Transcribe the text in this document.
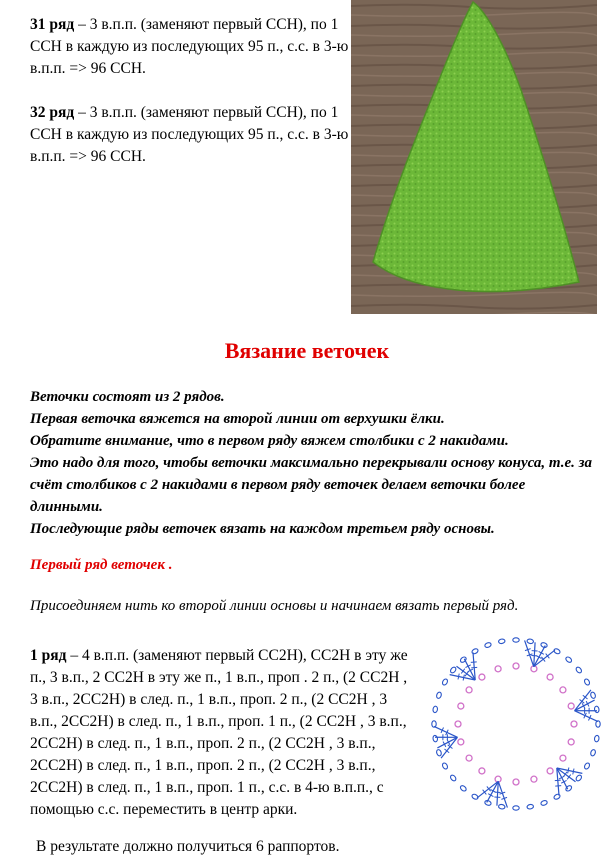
31 ряд – 3 в.п.п. (заменяют первый ССН), по 1 ССН в каждую из последующих 95 п., с.с. в 3-ю в.п.п. => 96 ССН.
32 ряд – 3 в.п.п. (заменяют первый ССН), по 1 ССН в каждую из последующих 95 п., с.с. в 3-ю в.п.п. => 96 ССН.
Вязание веточек
Веточки состоят из 2 рядов.
Первая веточка вяжется на второй линии от верхушки ёлки.
Обратите внимание, что в первом ряду вяжем столбики с 2 накидами.
Это надо для того, чтобы веточки максимально перекрывали основу конуса, т.е. за счёт столбиков с 2 накидами в первом ряду веточек делаем веточки более длинными.
Последующие ряды веточек вязать на каждом третьем ряду основы.
Первый ряд веточек .
Присоединяем нить ко второй линии основы и начинаем вязать первый ряд.
1 ряд – 4 в.п.п. (заменяют первый СС2Н), СС2Н в эту же п., 3 в.п., 2 СС2Н в эту же п., 1 в.п., проп . 2 п., (2 СС2Н , 3 в.п., 2СС2Н) в след. п., 1 в.п., проп. 2 п., (2 СС2Н , 3 в.п., 2СС2Н) в след. п., 1 в.п., проп. 1 п., (2 СС2Н , 3 в.п., 2СС2Н) в след. п., 1 в.п., проп. 2 п., (2 СС2Н , 3 в.п., 2СС2Н) в след. п., 1 в.п., проп. 2 п., (2 СС2Н , 3 в.п., 2СС2Н) в след. п., 1 в.п., проп. 1 п., с.с. в 4-ю в.п.п., с помощью с.с. переместить в центр арки.
В результате должно получиться 6 раппортов.
